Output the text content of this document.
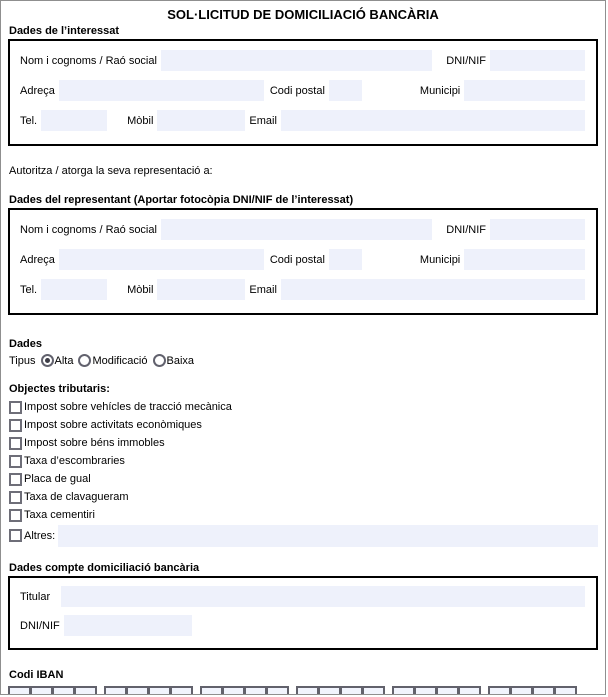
SOL·LICITUD DE DOMICILIACIÓ BANCÀRIA
Dades de l’interessat
Nom i cognoms / Raó social	DNI/NIF
Adreça	Codi postal	Municipi
Tel.	Mòbil	Email
Autoritza / atorga la seva representació a:
Dades del representant (Aportar fotocòpia DNI/NIF de l’interessat)
Nom i cognoms / Raó social	DNI/NIF
Adreça	Codi postal	Municipi
Tel.	Mòbil	Email
Dades
Tipus Alta Modificació Baixa
Objectes tributaris:
Impost sobre vehícles de tracció mecànica
Impost sobre activitats econòmiques
Impost sobre béns immobles
Taxa d’escombraries
Placa de gual
Taxa de clavagueram
Taxa cementiri
Altres:
Dades compte domiciliació bancària
Titular
DNI/NIF
Codi IBAN
